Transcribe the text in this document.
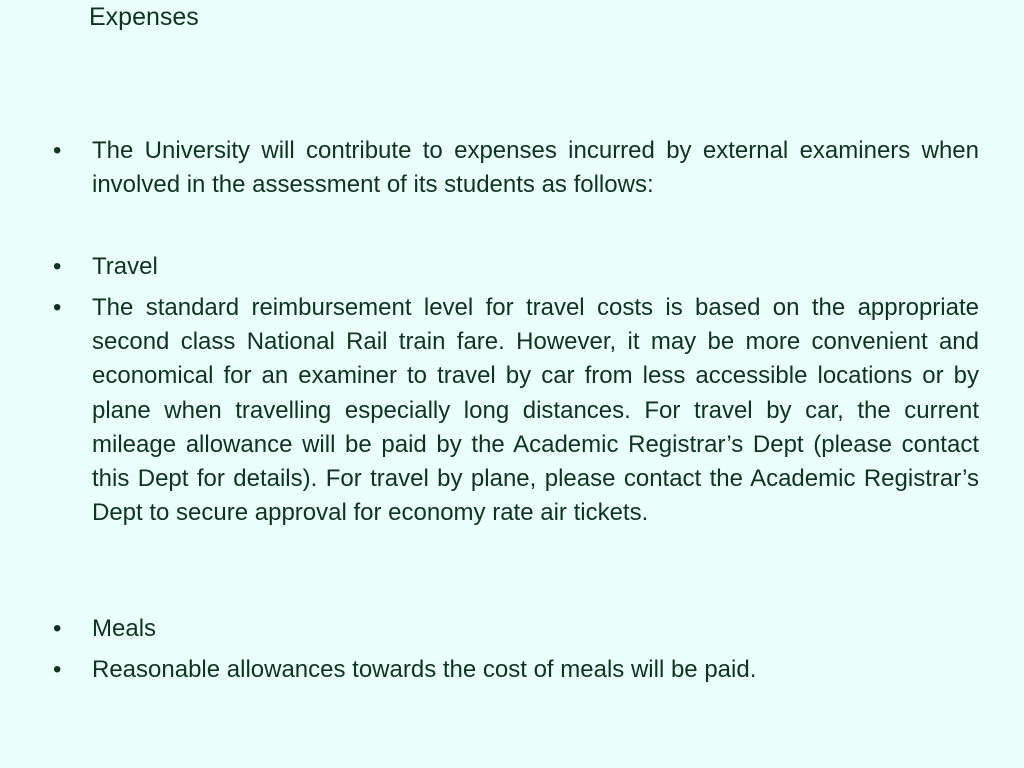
Expenses
•	The University will contribute to expenses incurred by external examiners when involved in the assessment of its students as follows:
•	Travel
•	The standard reimbursement level for travel costs is based on the appropriate second class National Rail train fare. However, it may be more convenient and economical for an examiner to travel by car from less accessible locations or by plane when travelling especially long distances. For travel by car, the current mileage allowance will be paid by the Academic Registrar’s Dept (please contact this Dept for details). For travel by plane, please contact the Academic Registrar’s Dept to secure approval for economy rate air tickets.
•	Meals
•	Reasonable allowances towards the cost of meals will be paid.
